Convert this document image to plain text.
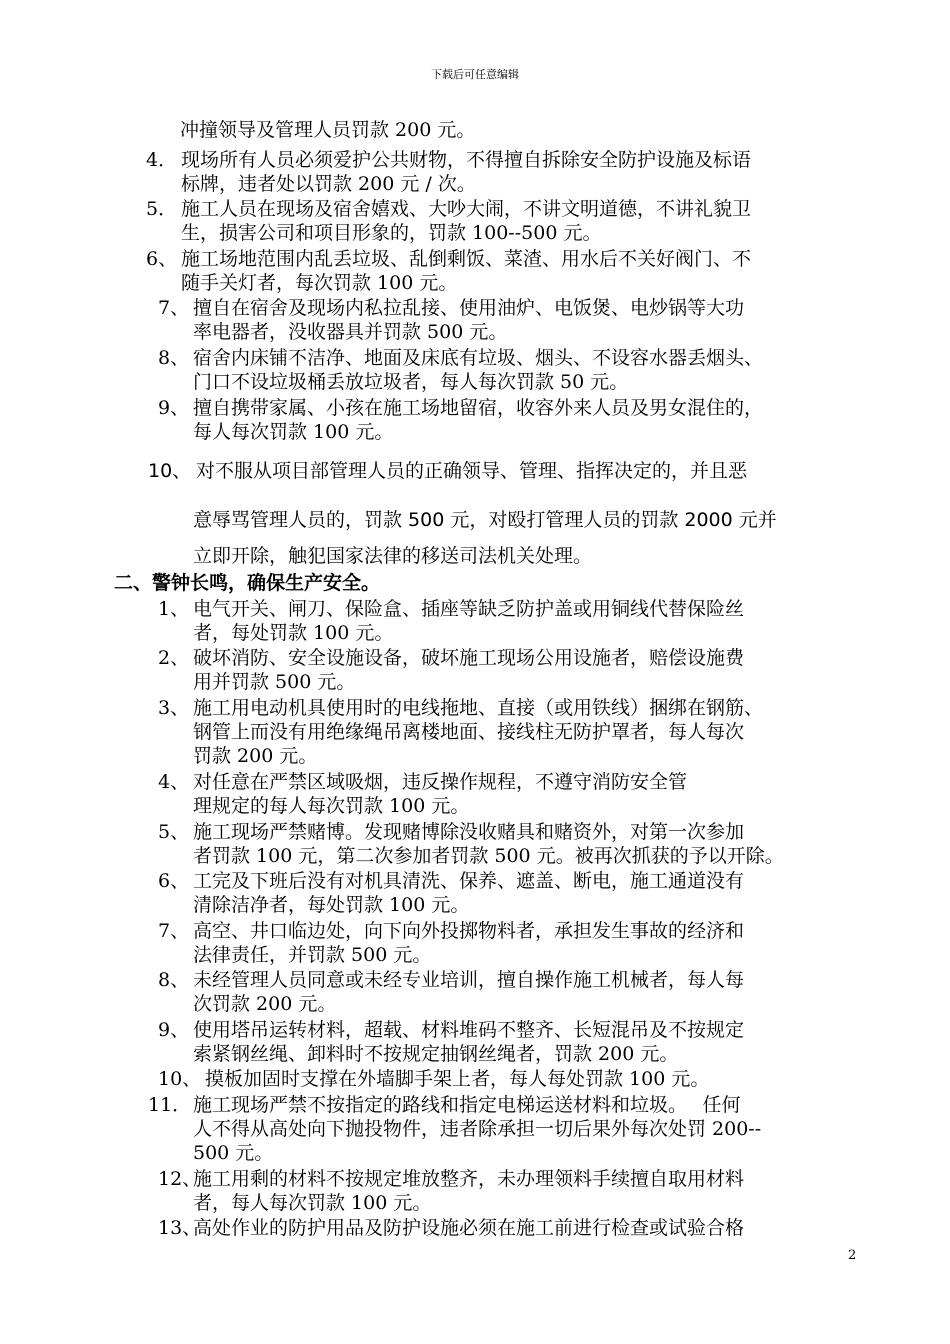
下载后可任意编辑
冲撞领导及管理人员罚款 200 元。
4． 现场所有人员必须爱护公共财物，不得擅自拆除安全防护设施及标语
标牌，违者处以罚款 200 元 / 次。
5． 施工人员在现场及宿舍嬉戏、大吵大闹，不讲文明道德，不讲礼貌卫
生，损害公司和项目形象的，罚款 100--500 元。
6、 施工场地范围内乱丢垃圾、乱倒剩饭、菜渣、用水后不关好阀门、不
随手关灯者，每次罚款 100 元。
7、 擅自在宿舍及现场内私拉乱接、使用油炉、电饭煲、电炒锅等大功
率电器者，没收器具并罚款 500 元。
8、 宿舍内床铺不洁净、地面及床底有垃圾、烟头、不设容水器丢烟头、
门口不设垃圾桶丢放垃圾者，每人每次罚款 50 元。
9、 擅自携带家属、小孩在施工场地留宿，收容外来人员及男女混住的，
每人每次罚款 100 元。
10、 对不服从项目部管理人员的正确领导、管理、指挥决定的，并且恶
意辱骂管理人员的，罚款 500 元，对殴打管理人员的罚款 2000 元并
立即开除，触犯国家法律的移送司法机关处理。
二、警钟长鸣，确保生产安全。
1、 电气开关、闸刀、保险盒、插座等缺乏防护盖或用铜线代替保险丝
者，每处罚款 100 元。
2、 破坏消防、安全设施设备，破坏施工现场公用设施者，赔偿设施费
用并罚款 500 元。
3、 施工用电动机具使用时的电线拖地、直接（或用铁线）捆绑在钢筋、
钢管上而没有用绝缘绳吊离楼地面、接线柱无防护罩者，每人每次
罚款 200 元。
4、 对任意在严禁区域吸烟，违反操作规程，不遵守消防安全管
理规定的每人每次罚款 100 元。
5、 施工现场严禁赌博。发现赌博除没收赌具和赌资外，对第一次参加
者罚款 100 元，第二次参加者罚款 500 元。被再次抓获的予以开除。
6、 工完及下班后没有对机具清洗、保养、遮盖、断电，施工通道没有
清除洁净者，每处罚款 100 元。
7、 高空、井口临边处，向下向外投掷物料者，承担发生事故的经济和
法律责任，并罚款 500 元。
8、 未经管理人员同意或未经专业培训，擅自操作施工机械者，每人每
次罚款 200 元。
9、 使用塔吊运转材料，超载、材料堆码不整齐、长短混吊及不按规定
索紧钢丝绳、卸料时不按规定抽钢丝绳者，罚款 200 元。
10、 摸板加固时支撑在外墙脚手架上者，每人每处罚款 100 元。
11． 施工现场严禁不按指定的路线和指定电梯运送材料和垃圾。　 任何
人不得从高处向下抛投物件，违者除承担一切后果外每次处罚 200--
500 元。
12、
施工用剩的材料不按规定堆放整齐，未办理领料手续擅自取用材料
者，每人每次罚款 100 元。
13、
高处作业的防护用品及防护设施必须在施工前进行检查或试验合格
2
